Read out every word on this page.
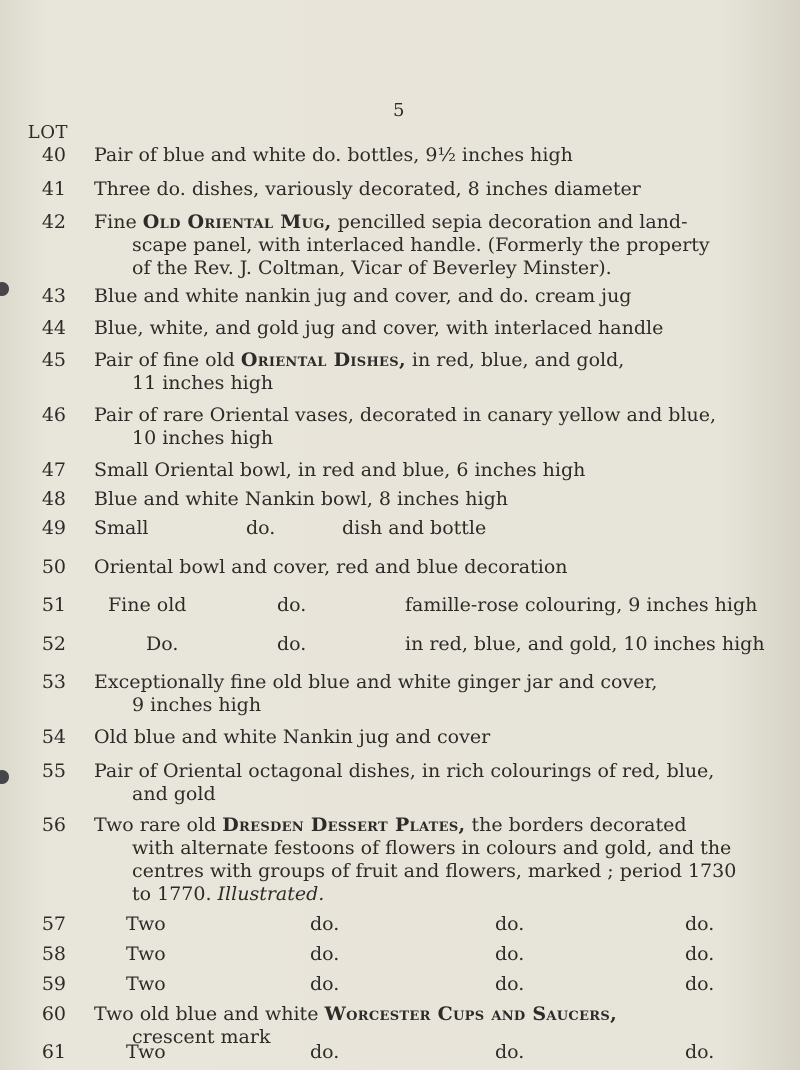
5
LOT
40 Pair of blue and white do. bottles, 9½ inches high
41 Three do. dishes, variously decorated, 8 inches diameter
42 Fine Old Oriental Mug, pencilled sepia decoration and land-
scape panel, with interlaced handle. (Formerly the property
of the Rev. J. Coltman, Vicar of Beverley Minster).
43 Blue and white nankin jug and cover, and do. cream jug
44 Blue, white, and gold jug and cover, with interlaced handle
45 Pair of fine old Oriental Dishes, in red, blue, and gold,
11 inches high
46 Pair of rare Oriental vases, decorated in canary yellow and blue,
10 inches high
47 Small Oriental bowl, in red and blue, 6 inches high
48 Blue and white Nankin bowl, 8 inches high
49 Small	do.	dish and bottle
50 Oriental bowl and cover, red and blue decoration
51 Fine old	do.	famille-rose colouring, 9 inches high
52	Do.	do.	in red, blue, and gold, 10 inches high
53 Exceptionally fine old blue and white ginger jar and cover,
9 inches high
54 Old blue and white Nankin jug and cover
55 Pair of Oriental octagonal dishes, in rich colourings of red, blue,
and gold
56 Two rare old Dresden Dessert Plates, the borders decorated
with alternate festoons of flowers in colours and gold, and the
centres with groups of fruit and flowers, marked ; period 1730
to 1770. Illustrated.
57	Two	do.	do.	do.
58	Two	do.	do.	do.
59	Two	do.	do.	do.
60 Two old blue and white Worcester Cups and Saucers,
crescent mark
61	Two	do.	do.	do.
